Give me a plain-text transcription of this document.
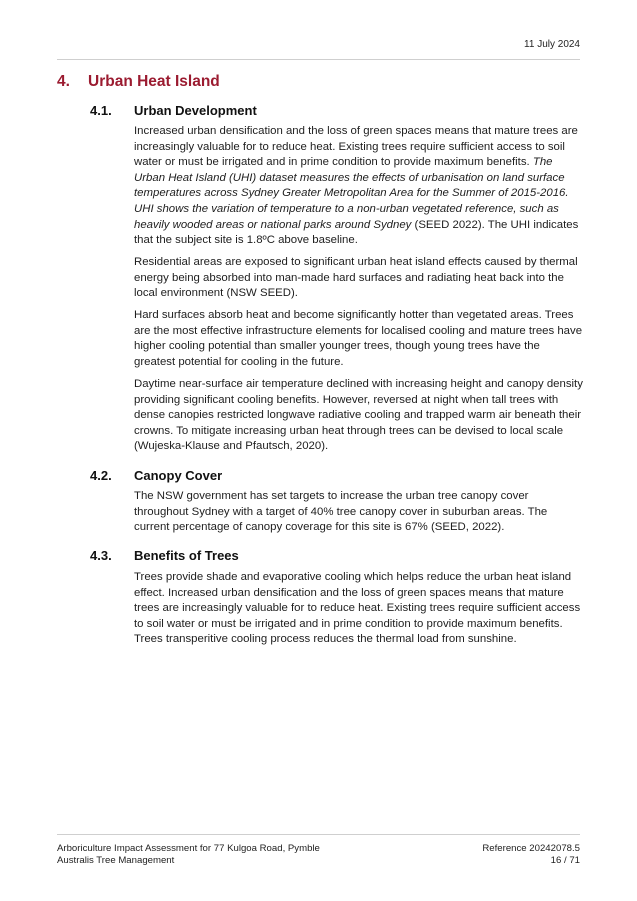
11 July 2024
4. Urban Heat Island
4.1. Urban Development

Increased urban densification and the loss of green spaces means that mature trees are increasingly valuable for to reduce heat. Existing trees require sufficient access to soil water or must be irrigated and in prime condition to provide maximum benefits. The Urban Heat Island (UHI) dataset measures the effects of urbanisation on land surface temperatures across Sydney Greater Metropolitan Area for the Summer of 2015-2016. UHI shows the variation of temperature to a non-urban vegetated reference, such as heavily wooded areas or national parks around Sydney (SEED 2022). The UHI indicates that the subject site is 1.8ºC above baseline.

Residential areas are exposed to significant urban heat island effects caused by thermal energy being absorbed into man-made hard surfaces and radiating heat back into the local environment (NSW SEED).

Hard surfaces absorb heat and become significantly hotter than vegetated areas. Trees are the most effective infrastructure elements for localised cooling and mature trees have higher cooling potential than smaller younger trees, though young trees have the greatest potential for cooling in the future.

Daytime near-surface air temperature declined with increasing height and canopy density providing significant cooling benefits. However, reversed at night when tall trees with dense canopies restricted longwave radiative cooling and trapped warm air beneath their crowns. To mitigate increasing urban heat through trees can be devised to local scale (Wujeska-Klause and Pfautsch, 2020).

4.2. Canopy Cover

The NSW government has set targets to increase the urban tree canopy cover throughout Sydney with a target of 40% tree canopy cover in suburban areas. The current percentage of canopy coverage for this site is 67% (SEED, 2022).

4.3. Benefits of Trees

Trees provide shade and evaporative cooling which helps reduce the urban heat island effect. Increased urban densification and the loss of green spaces means that mature trees are increasingly valuable for to reduce heat. Existing trees require sufficient access to soil water or must be irrigated and in prime condition to provide maximum benefits. Trees transperitive cooling process reduces the thermal load from sunshine.

Arboriculture Impact Assessment for 77 Kulgoa Road, Pymble
Australis Tree Management
Reference 20242078.5
16 / 71
